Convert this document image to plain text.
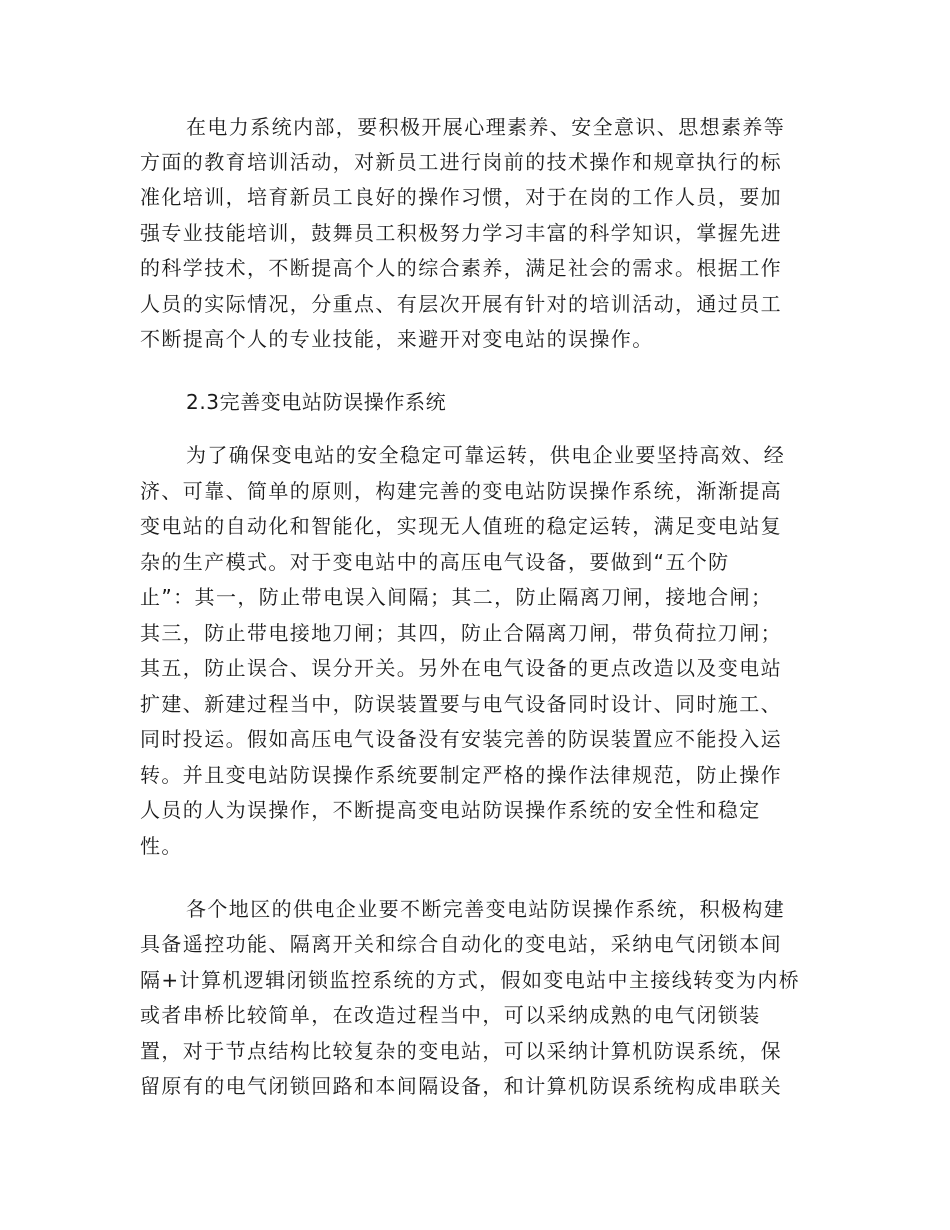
在电力系统内部，要积极开展心理素养、安全意识、思想素养等
方面的教育培训活动，对新员工进行岗前的技术操作和规章执行的标
准化培训，培育新员工良好的操作习惯，对于在岗的工作人员，要加
强专业技能培训，鼓舞员工积极努力学习丰富的科学知识，掌握先进
的科学技术，不断提高个人的综合素养，满足社会的需求。根据工作
人员的实际情况，分重点、有层次开展有针对的培训活动，通过员工
不断提高个人的专业技能，来避开对变电站的误操作。
2.3完善变电站防误操作系统
为了确保变电站的安全稳定可靠运转，供电企业要坚持高效、经
济、可靠、简单的原则，构建完善的变电站防误操作系统，渐渐提高
变电站的自动化和智能化，实现无人值班的稳定运转，满足变电站复
杂的生产模式。对于变电站中的高压电气设备，要做到“五个防
止”：其一，防止带电误入间隔；其二，防止隔离刀闸，接地合闸；
其三，防止带电接地刀闸；其四，防止合隔离刀闸，带负荷拉刀闸；
其五，防止误合、误分开关。另外在电气设备的更点改造以及变电站
扩建、新建过程当中，防误装置要与电气设备同时设计、同时施工、
同时投运。假如高压电气设备没有安装完善的防误装置应不能投入运
转。并且变电站防误操作系统要制定严格的操作法律规范，防止操作
人员的人为误操作，不断提高变电站防误操作系统的安全性和稳定
性。
各个地区的供电企业要不断完善变电站防误操作系统，积极构建
具备遥控功能、隔离开关和综合自动化的变电站，采纳电气闭锁本间
隔+计算机逻辑闭锁监控系统的方式，假如变电站中主接线转变为内桥
或者串桥比较简单，在改造过程当中，可以采纳成熟的电气闭锁装
置，对于节点结构比较复杂的变电站，可以采纳计算机防误系统，保
留原有的电气闭锁回路和本间隔设备，和计算机防误系统构成串联关
